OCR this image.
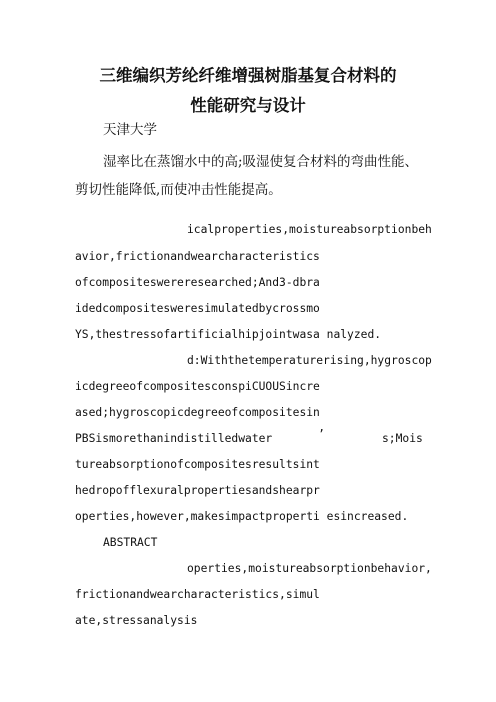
三维编织芳纶纤维增强树脂基复合材料的
性能研究与设计
天津大学
湿率比在蒸馏水中的高;吸湿使复合材料的弯曲性能、
剪切性能降低,而使冲击性能提高。
icalproperties,moistureabsorptionbeh
avior,frictionandwearcharacteristics
ofcompositeswereresearched;And3-dbra
idedcompositesweresimulatedbycrossmo
YS,thestressofartificialhipjointwasa nalyzed.
d:Withthetemperaturerising,hygroscop
icdegreeofcompositesconspiCUOUSincre
ased;hygroscopicdegreeofcompositesin
PBSismorethanindistilledwater	’	s;Mois
tureabsorptionofcompositesresultsint
hedropofflexuralpropertiesandshearpr
operties,however,makesimpactproperti esincreased.
ABSTRACT
operties,moistureabsorptionbehavior,
frictionandwearcharacteristics,simul
ate,stressanalysis
